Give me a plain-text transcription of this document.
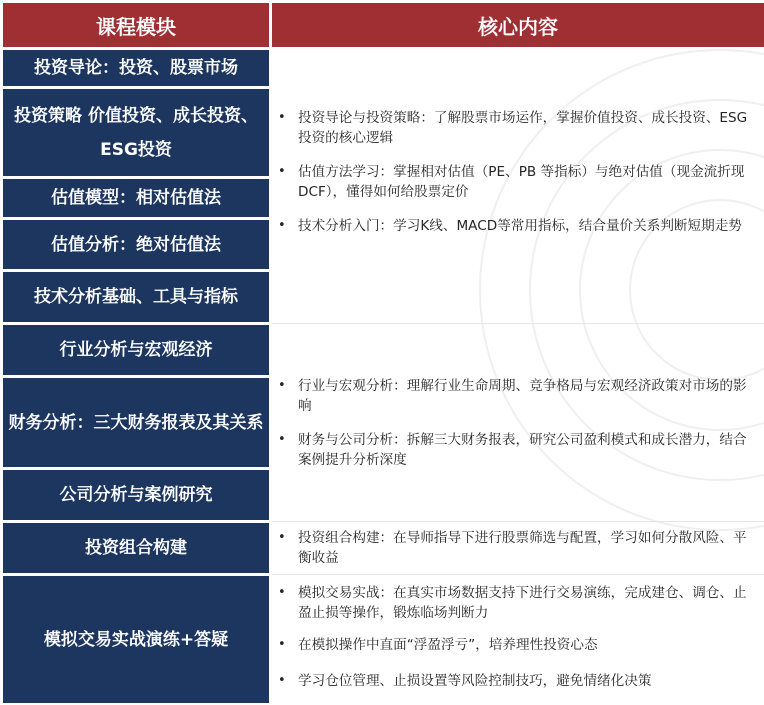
课程模块	核心内容
投资导论：投资、股票市场
投资策略 价值投资、成长投资、ESG投资
估值模型：相对估值法
估值分析：绝对估值法
技术分析基础、工具与指标
行业分析与宏观经济
财务分析：三大财务报表及其关系
公司分析与案例研究
投资组合构建
模拟交易实战演练+答疑
• 投资导论与投资策略：了解股票市场运作，掌握价值投资、成长投资、ESG 投资的核心逻辑
• 估值方法学习：掌握相对估值（PE、PB 等指标）与绝对估值（现金流折现DCF），懂得如何给股票定价
• 技术分析入门：学习K线、MACD等常用指标，结合量价关系判断短期走势
• 行业与宏观分析：理解行业生命周期、竞争格局与宏观经济政策对市场的影响
• 财务与公司分析：拆解三大财务报表，研究公司盈利模式和成长潜力，结合案例提升分析深度
• 投资组合构建：在导师指导下进行股票筛选与配置，学习如何分散风险、平衡收益
• 模拟交易实战：在真实市场数据支持下进行交易演练，完成建仓、调仓、止盈止损等操作，锻炼临场判断力
• 在模拟操作中直面“浮盈浮亏”，培养理性投资心态
• 学习仓位管理、止损设置等风险控制技巧，避免情绪化决策
